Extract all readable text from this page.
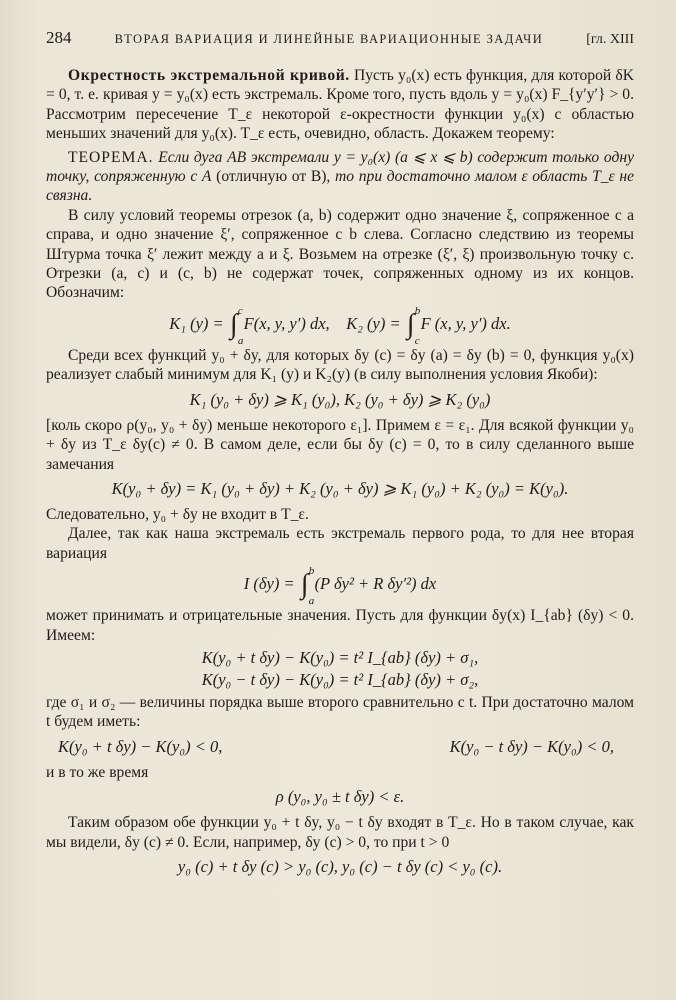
284	ВТОРАЯ ВАРИАЦИЯ И ЛИНЕЙНЫЕ ВАРИАЦИОННЫЕ ЗАДАЧИ	[гл. XIII

Окрестность экстремальной кривой. Пусть y₀(x) есть функция, для которой δK = 0, т. е. кривая y = y₀(x) есть экстремаль. Кроме того, пусть вдоль y = y₀(x) F_{y′y′} > 0. Рассмотрим пересечение T_ε некоторой ε-окрестности функции y₀(x) с областью меньших значений для y₀(x). T_ε есть, очевидно, область. Докажем теорему:

ТЕОРЕМА. Если дуга AB экстремали y = y₀(x) (a ⩽ x ⩽ b) содержит только одну точку, сопряженную с A (отличную от B), то при достаточно малом ε область T_ε не связна.

В силу условий теоремы отрезок (a, b) содержит одно значение ξ, сопряженное с a справа, и одно значение ξ′, сопряженное с b слева. Согласно следствию из теоремы Штурма точка ξ′ лежит между a и ξ. Возьмем на отрезке (ξ′, ξ) произвольную точку c. Отрезки (a, c) и (c, b) не содержат точек, сопряженных одному из их концов. Обозначим:

K₁ (y) = ∫ c
a
F(x, y, y′) dx, K₂ (y) = ∫ b
c
F (x, y, y′) dx.

Среди всех функций y₀ + δy, для которых δy (c) = δy (a) = δy (b) = 0, функция y₀(x) реализует слабый минимум для K₁ (y) и K₂(y) (в силу выполнения условия Якоби):

K₁ (y₀ + δy) ⩾ K₁ (y₀), K₂ (y₀ + δy) ⩾ K₂ (y₀)

[коль скоро ρ(y₀, y₀ + δy) меньше некоторого ε₁]. Примем ε = ε₁. Для всякой функции y₀ + δy из T_ε δy(c) ≠ 0. В самом деле, если бы δy (c) = 0, то в силу сделанного выше замечания

K(y₀ + δy) = K₁ (y₀ + δy) + K₂ (y₀ + δy) ⩾ K₁ (y₀) + K₂ (y₀) = K(y₀).

Следовательно, y₀ + δy не входит в T_ε.

Далее, так как наша экстремаль есть экстремаль первого рода, то для нее вторая вариация

I (δy) = ∫ b
a
(P δy² + R δy′²) dx

может принимать и отрицательные значения. Пусть для функции δy(x) I_{ab} (δy) < 0. Имеем:

K(y₀ + t δy) − K(y₀) = t² I_{ab} (δy) + σ₁,
K(y₀ − t δy) − K(y₀) = t² I_{ab} (δy) + σ₂,

где σ₁ и σ₂ — величины порядка выше второго сравнительно с t. При достаточно малом t будем иметь:

K(y₀ + t δy) − K(y₀) < 0,	K(y₀ − t δy) − K(y₀) < 0,

и в то же время

ρ (y₀, y₀ ± t δy) < ε.

Таким образом обе функции y₀ + t δy, y₀ − t δy входят в T_ε. Но в таком случае, как мы видели, δy (c) ≠ 0. Если, например, δy (c) > 0, то при t > 0

y₀ (c) + t δy (c) > y₀ (c), y₀ (c) − t δy (c) < y₀ (c).
